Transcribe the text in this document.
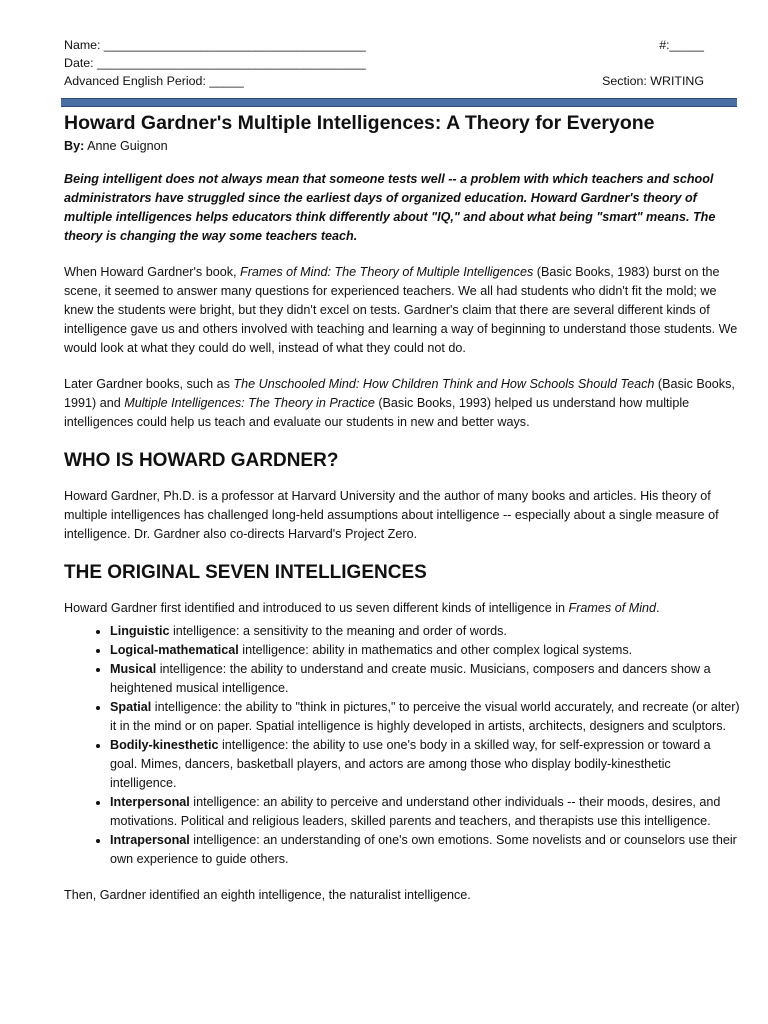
Name: ______________________________________	#:_____
Date: _______________________________________
Advanced English Period: _____	Section: WRITING
Howard Gardner's Multiple Intelligences: A Theory for Everyone
By: Anne Guignon

Being intelligent does not always mean that someone tests well -- a problem with which teachers and school administrators have struggled since the earliest days of organized education. Howard Gardner's theory of multiple intelligences helps educators think differently about "IQ," and about what being "smart" means. The theory is changing the way some teachers teach.

When Howard Gardner's book, Frames of Mind: The Theory of Multiple Intelligences (Basic Books, 1983) burst on the scene, it seemed to answer many questions for experienced teachers. We all had students who didn't fit the mold; we knew the students were bright, but they didn't excel on tests. Gardner's claim that there are several different kinds of intelligence gave us and others involved with teaching and learning a way of beginning to understand those students. We would look at what they could do well, instead of what they could not do.

Later Gardner books, such as The Unschooled Mind: How Children Think and How Schools Should Teach (Basic Books, 1991) and Multiple Intelligences: The Theory in Practice (Basic Books, 1993) helped us understand how multiple intelligences could help us teach and evaluate our students in new and better ways.

WHO IS HOWARD GARDNER?

Howard Gardner, Ph.D. is a professor at Harvard University and the author of many books and articles. His theory of multiple intelligences has challenged long-held assumptions about intelligence -- especially about a single measure of intelligence. Dr. Gardner also co-directs Harvard's Project Zero.

THE ORIGINAL SEVEN INTELLIGENCES

Howard Gardner first identified and introduced to us seven different kinds of intelligence in Frames of Mind.

• Linguistic intelligence: a sensitivity to the meaning and order of words.
• Logical-mathematical intelligence: ability in mathematics and other complex logical systems.
• Musical intelligence: the ability to understand and create music. Musicians, composers and dancers show a heightened musical intelligence.
• Spatial intelligence: the ability to "think in pictures," to perceive the visual world accurately, and recreate (or alter) it in the mind or on paper. Spatial intelligence is highly developed in artists, architects, designers and sculptors.
• Bodily-kinesthetic intelligence: the ability to use one's body in a skilled way, for self-expression or toward a goal. Mimes, dancers, basketball players, and actors are among those who display bodily-kinesthetic intelligence.
• Interpersonal intelligence: an ability to perceive and understand other individuals -- their moods, desires, and motivations. Political and religious leaders, skilled parents and teachers, and therapists use this intelligence.
• Intrapersonal intelligence: an understanding of one's own emotions. Some novelists and or counselors use their own experience to guide others.

Then, Gardner identified an eighth intelligence, the naturalist intelligence.
